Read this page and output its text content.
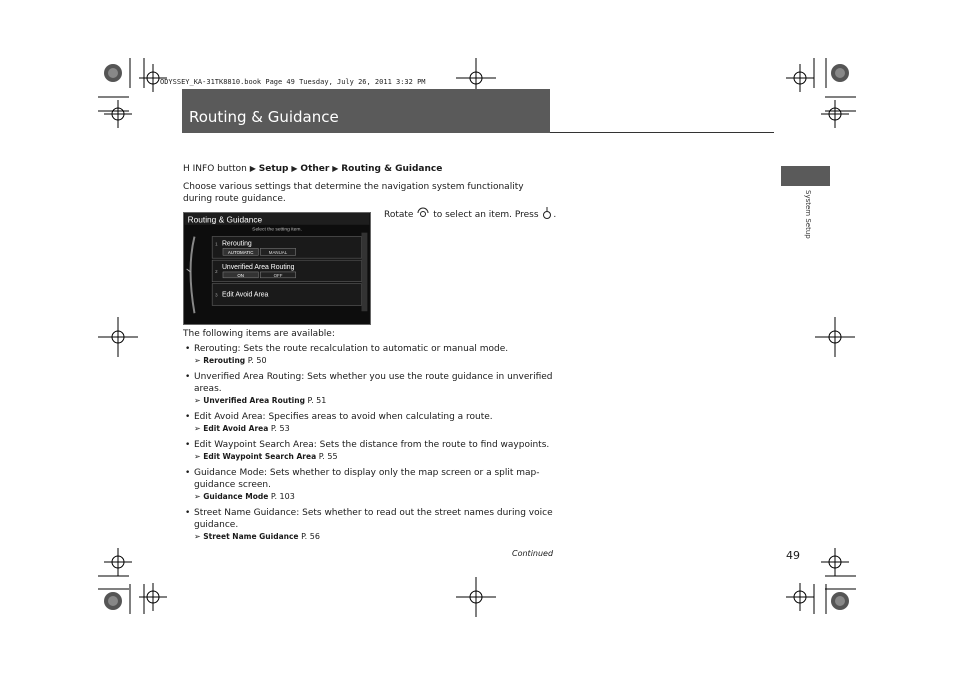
ODYSSEY_KA-31TK8810.book Page 49 Tuesday, July 26, 2011 3:32 PM
Routing & Guidance
System Setup
H INFO button ▶ Setup ▶ Other ▶ Routing & Guidance
Choose various settings that determine the navigation system functionality during route guidance.
Rotate to select an item. Press .
Routing & Guidance
Select the setting item.
1 Rerouting
AUTOMATIC	MANUAL
2
Unverified Area Routing
ON	OFF
3 Edit Avoid Area
The following items are available:
• Rerouting: Sets the route recalculation to automatic or manual mode.
➢ Rerouting P. 50
• Unverified Area Routing: Sets whether you use the route guidance in unverified areas.
➢ Unverified Area Routing P. 51
• Edit Avoid Area: Specifies areas to avoid when calculating a route.
➢ Edit Avoid Area P. 53
• Edit Waypoint Search Area: Sets the distance from the route to find waypoints.
➢ Edit Waypoint Search Area P. 55
• Guidance Mode: Sets whether to display only the map screen or a split map-guidance screen.
➢ Guidance Mode P. 103
• Street Name Guidance: Sets whether to read out the street names during voice guidance.
➢ Street Name Guidance P. 56
Continued	49
